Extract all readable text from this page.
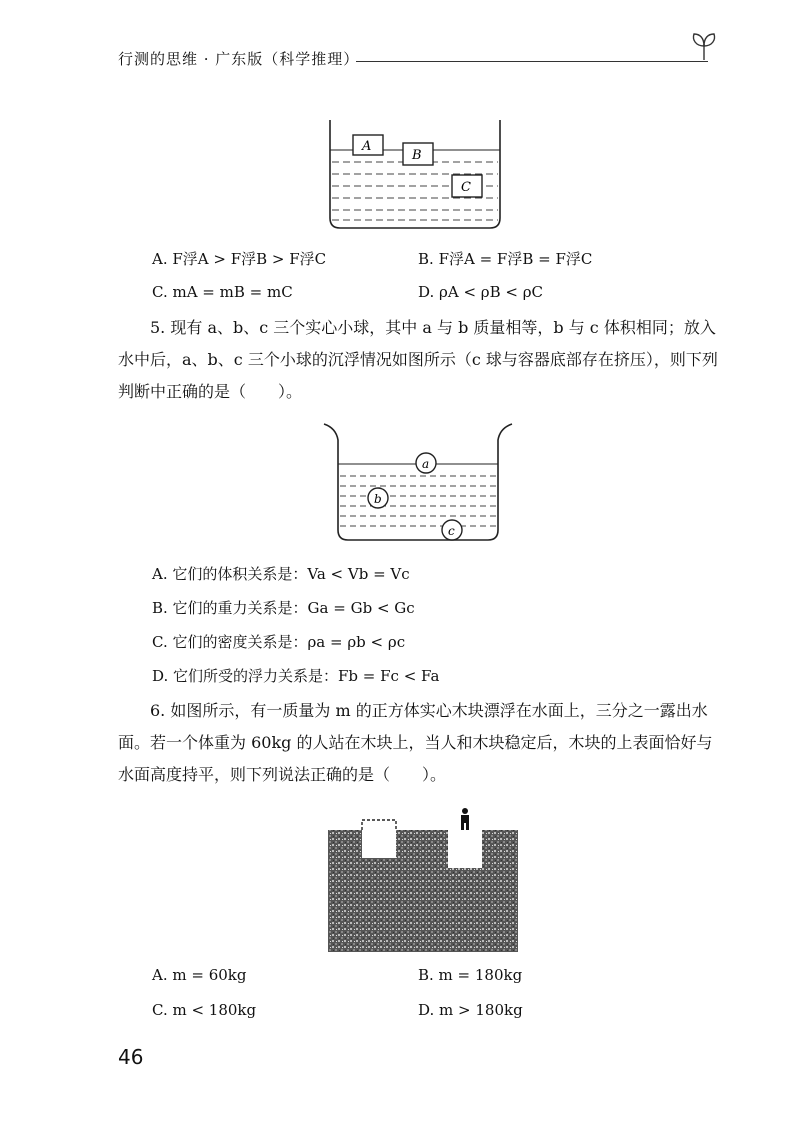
行测的思维 · 广东版（科学推理）
A
B
C
A. F浮A > F浮B > F浮C	B. F浮A = F浮B = F浮C
C. mA = mB = mC	D. ρA < ρB < ρC
5. 现有 a、b、c 三个实心小球，其中 a 与 b 质量相等，b 与 c 体积相同；放入水中后，a、b、c 三个小球的沉浮情况如图所示（c 球与容器底部存在挤压），则下列判断中正确的是（　　）。
a
b
c
A. 它们的体积关系是：Va < Vb = Vc
B. 它们的重力关系是：Ga = Gb < Gc
C. 它们的密度关系是：ρa = ρb < ρc
D. 它们所受的浮力关系是：Fb = Fc < Fa
6. 如图所示，有一质量为 m 的正方体实心木块漂浮在水面上，三分之一露出水面。若一个体重为 60kg 的人站在木块上，当人和木块稳定后，木块的上表面恰好与水面高度持平，则下列说法正确的是（　　）。
A. m = 60kg	B. m = 180kg
C. m < 180kg	D. m > 180kg
46
